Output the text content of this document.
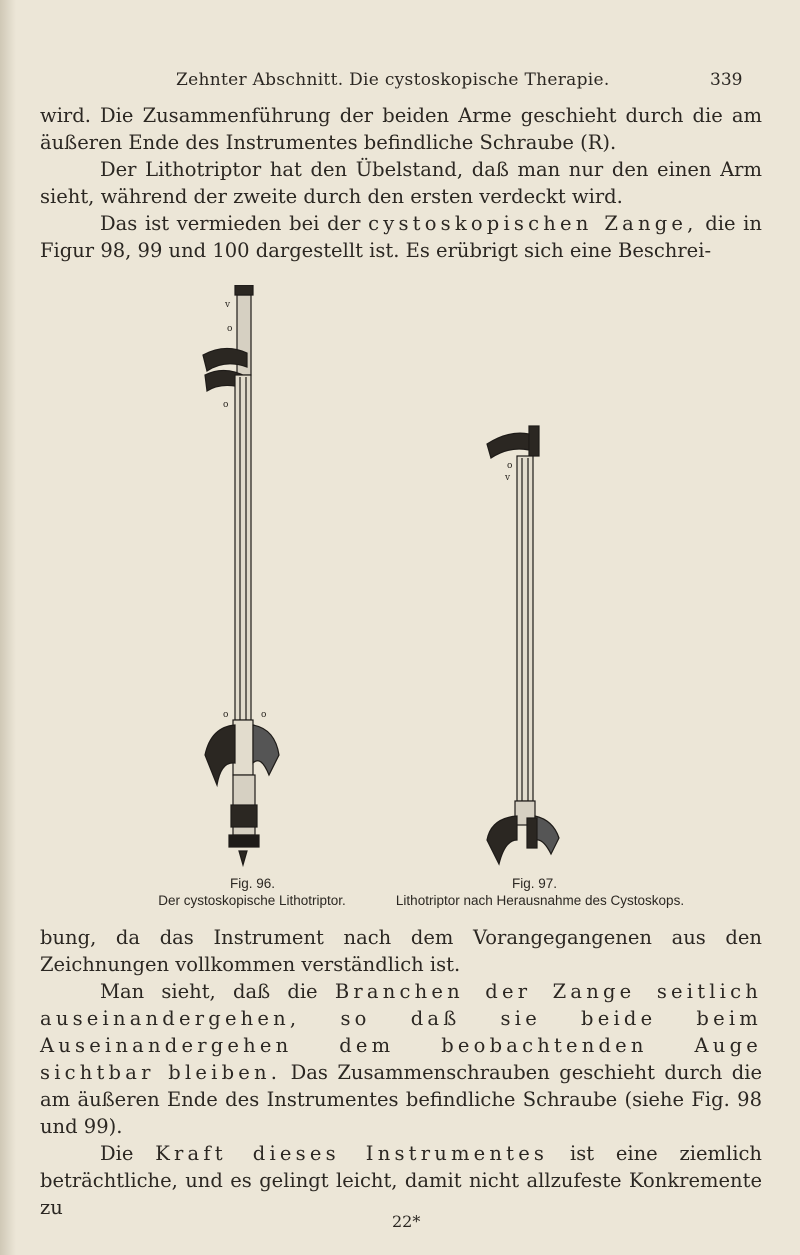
Zehnter Abschnitt. Die cystoskopische Therapie.	339

wird. Die Zusammenführung der beiden Arme geschieht durch die am äußeren Ende des Instrumentes befindliche Schraube (R).

Der Lithotriptor hat den Übelstand, daß man nur den einen Arm sieht, während der zweite durch den ersten verdeckt wird.

Das ist vermieden bei der cystoskopischen Zange, die in Figur 98, 99 und 100 dargestellt ist. Es erübrigt sich eine Beschrei-

v
o
o
o	o
o
v
Fig. 96.
Der cystoskopische Lithotriptor.
Fig. 97.
Lithotriptor nach Herausnahme des Cystoskops.

bung, da das Instrument nach dem Vorangegangenen aus den Zeichnungen vollkommen verständlich ist.

Man sieht, daß die Branchen der Zange seitlich auseinandergehen, so daß sie beide beim Auseinandergehen dem beobachtenden Auge sichtbar bleiben. Das Zusammenschrauben geschieht durch die am äußeren Ende des Instrumentes befindliche Schraube (siehe Fig. 98 und 99).

Die Kraft dieses Instrumentes ist eine ziemlich beträchtliche, und es gelingt leicht, damit nicht allzufeste Konkremente zu

22*
